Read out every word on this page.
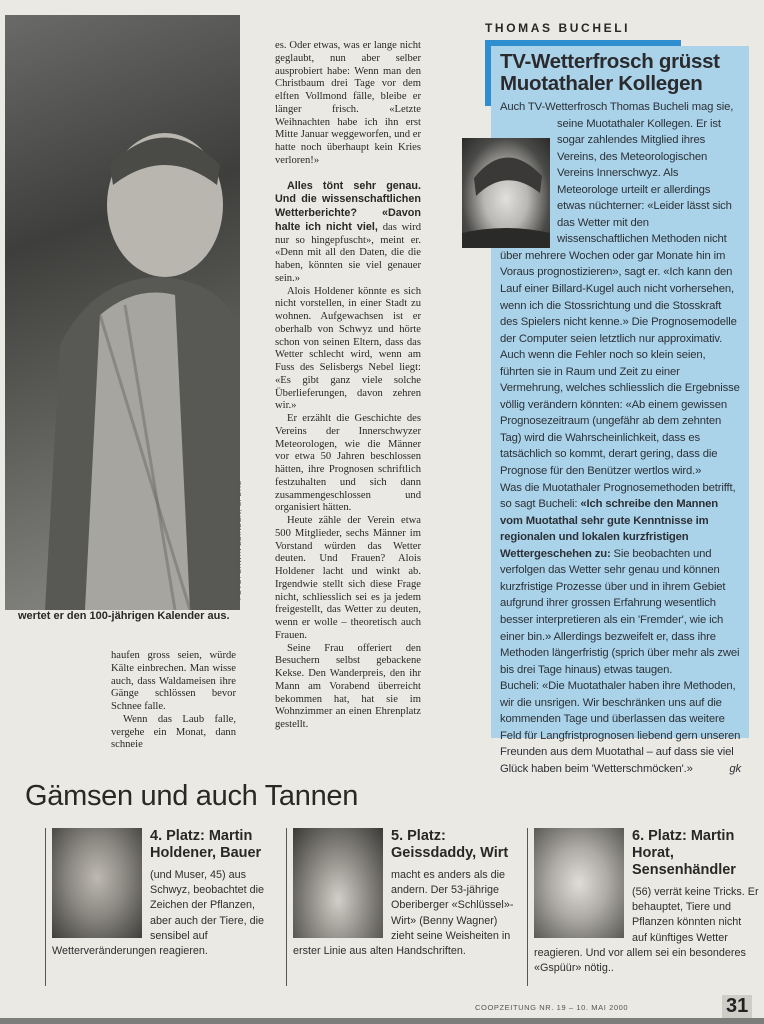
FOTO: ERWIN ZBINDEN, SFDRS
wertet er den 100-jährigen Kalender aus.

haufen gross seien, würde Kälte einbrechen. Man wisse auch, dass Waldameisen ihre Gänge schlössen bevor Schnee falle.

Wenn das Laub falle, vergehe ein Monat, dann schneie

es. Oder etwas, was er lange nicht geglaubt, nun aber selber ausprobiert habe: Wenn man den Christbaum drei Tage vor dem elften Vollmond fälle, bleibe er länger frisch. «Letzte Weihnachten habe ich ihn erst Mitte Januar weggeworfen, und er hatte noch überhaupt kein Kries verloren!»

Alles tönt sehr genau. Und die wissenschaftlichen Wetterberichte? «Davon halte ich nicht viel, das wird nur so hingepfuscht», meint er. «Denn mit all den Daten, die die haben, könnten sie viel genauer sein.»

Alois Holdener könnte es sich nicht vorstellen, in einer Stadt zu wohnen. Aufgewachsen ist er oberhalb von Schwyz und hörte schon von seinen Eltern, dass das Wetter schlecht wird, wenn am Fuss des Selisbergs Nebel liegt: «Es gibt ganz viele solche Überlieferungen, davon zehren wir.»

Er erzählt die Geschichte des Vereins der Innerschwyzer Meteorologen, wie die Männer vor etwa 50 Jahren beschlossen hätten, ihre Prognosen schriftlich festzuhalten und sich dann zusammengeschlossen und organisiert hätten.

Heute zähle der Verein etwa 500 Mitglieder, sechs Männer im Vorstand würden das Wetter deuten. Und Frauen? Alois Holdener lacht und winkt ab. Irgendwie stellt sich diese Frage nicht, schliesslich sei es ja jedem freigestellt, das Wetter zu deuten, wenn er wolle – theoretisch auch Frauen.

Seine Frau offeriert den Besuchern selbst gebackene Kekse. Den Wanderpreis, den ihr Mann am Vorabend überreicht bekommen hat, hat sie im Wohnzimmer an einen Ehrenplatz gestellt.

THOMAS BUCHELI
TV-Wetterfrosch grüsst Muotathaler Kollegen

Auch TV-Wetterfrosch Thomas Bucheli mag sie, seine Muotathaler Kollegen. Er ist sogar zahlendes Mitglied ihres Vereins, des Meteorologischen Vereins Innerschwyz. Als Meteorologe urteilt er allerdings etwas nüchterner: «Leider lässt sich das Wetter mit den wissenschaftlichen Methoden nicht über mehrere Wochen oder gar Monate hin im Voraus prognostizieren», sagt er. «Ich kann den Lauf einer Billard-Kugel auch nicht vorhersehen, wenn ich die Stossrichtung und die Stosskraft des Spielers nicht kenne.» Die Prognosemodelle der Computer seien letztlich nur approximativ. Auch wenn die Fehler noch so klein seien, führten sie in Raum und Zeit zu einer Vermehrung, welches schliesslich die Ergebnisse völlig verändern könnten: «Ab einem gewissen Prognosezeitraum (ungefähr ab dem zehnten Tag) wird die Wahrscheinlichkeit, dass es tatsächlich so kommt, derart gering, dass die Prognose für den Benützer wertlos wird.»

Was die Muotathaler Prognosemethoden betrifft, so sagt Bucheli: «Ich schreibe den Mannen vom Muotathal sehr gute Kenntnisse im regionalen und lokalen kurzfristigen Wettergeschehen zu: Sie beobachten und verfolgen das Wetter sehr genau und können kurzfristige Prozesse über und in ihrem Gebiet aufgrund ihrer grossen Erfahrung wesentlich besser interpretieren als ein 'Fremder', wie ich einer bin.» Allerdings bezweifelt er, dass ihre Methoden längerfristig (sprich über mehr als zwei bis drei Tage hinaus) etwas taugen.

Bucheli: «Die Muotathaler haben ihre Methoden, wir die unsrigen. Wir beschränken uns auf die kommenden Tage und überlassen das weitere Feld für Langfristprognosen liebend gern unseren Freunden aus dem Muotathal – auf dass sie viel Glück haben beim 'Wetterschmöcken'.»	gk

Gämsen und auch Tannen
4. Platz: Martin Holdener, Bauer
(und Muser, 45) aus Schwyz, beobachtet die Zeichen der Pflanzen, aber auch der Tiere, die sensibel auf Wetterveränderungen reagieren.
5. Platz: Geissdaddy, Wirt
macht es anders als die andern. Der 53-jährige Oberiberger «Schlüssel»-Wirt» (Benny Wagner) zieht seine Weisheiten in erster Linie aus alten Handschriften.
6. Platz: Martin Horat, Sensenhändler
(56) verrät keine Tricks. Er behauptet, Tiere und Pflanzen könnten nicht auf künftiges Wetter reagieren. Und vor allem sei ein besonderes «Gspüür» nötig..
COOPZEITUNG NR. 19 – 10. MAI 2000	31
